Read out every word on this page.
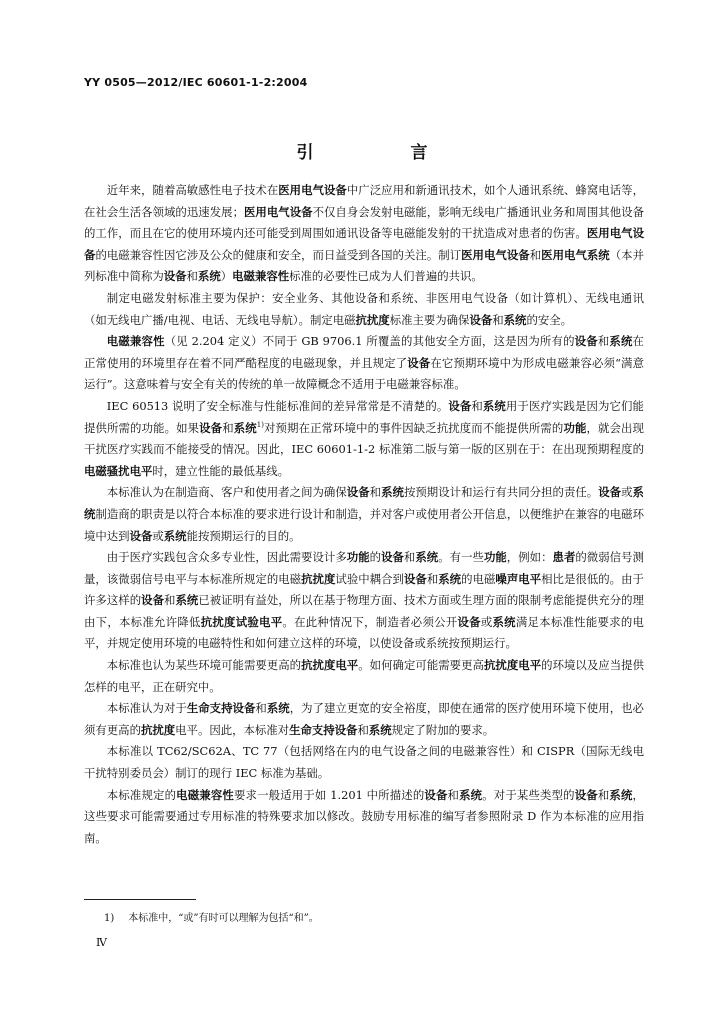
YY 0505—2012/IEC 60601-1-2:2004
引　言

近年来，随着高敏感性电子技术在医用电气设备中广泛应用和新通讯技术，如个人通讯系统、蜂窝电话等，在社会生活各领域的迅速发展；医用电气设备不仅自身会发射电磁能，影响无线电广播通讯业务和周围其他设备的工作，而且在它的使用环境内还可能受到周围如通讯设备等电磁能发射的干扰造成对患者的伤害。医用电气设备的电磁兼容性因它涉及公众的健康和安全，而日益受到各国的关注。制订医用电气设备和医用电气系统（本并列标准中简称为设备和系统）电磁兼容性标准的必要性已成为人们普遍的共识。

制定电磁发射标准主要为保护：安全业务、其他设备和系统、非医用电气设备（如计算机）、无线电通讯（如无线电广播/电视、电话、无线电导航）。制定电磁抗扰度标准主要为确保设备和系统的安全。

电磁兼容性（见 2.204 定义）不同于 GB 9706.1 所覆盖的其他安全方面，这是因为所有的设备和系统在正常使用的环境里存在着不同严酷程度的电磁现象，并且规定了设备在它预期环境中为形成电磁兼容必须“满意运行”。这意味着与安全有关的传统的单一故障概念不适用于电磁兼容标准。

IEC 60513 说明了安全标准与性能标准间的差异常常是不清楚的。设备和系统用于医疗实践是因为它们能提供所需的功能。如果设备和系统$^{1)}$对预期在正常环境中的事件因缺乏抗扰度而不能提供所需的功能，就会出现干扰医疗实践而不能接受的情况。因此，IEC 60601-1-2 标准第二版与第一版的区别在于：在出现预期程度的电磁骚扰电平时，建立性能的最低基线。

本标准认为在制造商、客户和使用者之间为确保设备和系统按预期设计和运行有共同分担的责任。设备或系统制造商的职责是以符合本标准的要求进行设计和制造，并对客户或使用者公开信息，以便维护在兼容的电磁环境中达到设备或系统能按预期运行的目的。

由于医疗实践包含众多专业性，因此需要设计多功能的设备和系统。有一些功能，例如：患者的微弱信号测量，该微弱信号电平与本标准所规定的电磁抗扰度试验中耦合到设备和系统的电磁噪声电平相比是很低的。由于许多这样的设备和系统已被证明有益处，所以在基于物理方面、技术方面或生理方面的限制考虑能提供充分的理由下，本标准允许降低抗扰度试验电平。在此种情况下，制造者必须公开设备或系统满足本标准性能要求的电平，并规定使用环境的电磁特性和如何建立这样的环境，以使设备或系统按预期运行。

本标准也认为某些环境可能需要更高的抗扰度电平。如何确定可能需要更高抗扰度电平的环境以及应当提供怎样的电平，正在研究中。

本标准认为对于生命支持设备和系统，为了建立更宽的安全裕度，即使在通常的医疗使用环境下使用，也必须有更高的抗扰度电平。因此，本标准对生命支持设备和系统规定了附加的要求。

本标准以 TC62/SC62A、TC 77（包括网络在内的电气设备之间的电磁兼容性）和 CISPR（国际无线电干扰特别委员会）制订的现行 IEC 标准为基础。

本标准规定的电磁兼容性要求一般适用于如 1.201 中所描述的设备和系统。对于某些类型的设备和系统，这些要求可能需要通过专用标准的特殊要求加以修改。鼓励专用标准的编写者参照附录 D 作为本标准的应用指南。

1) 本标准中，“或”有时可以理解为包括“和”。
Ⅳ
